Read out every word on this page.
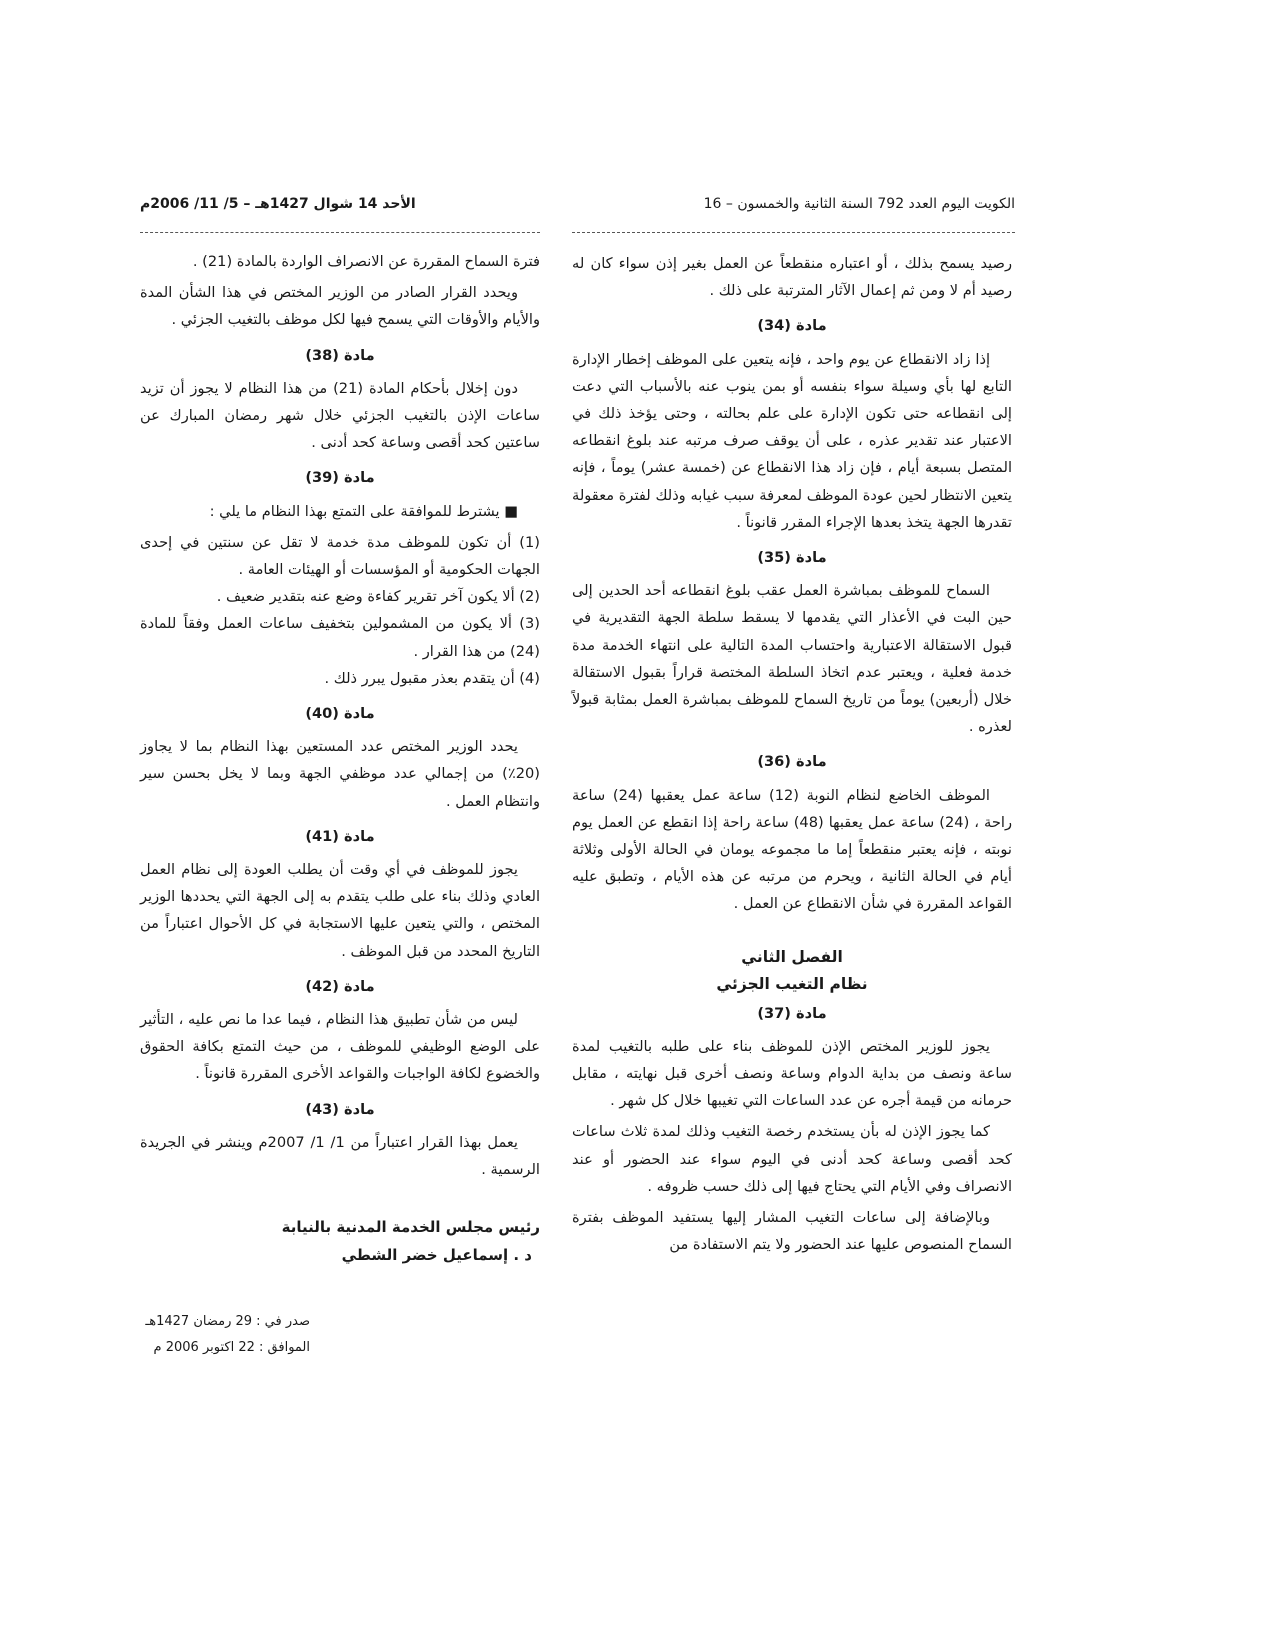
الكويت اليوم العدد 792 السنة الثانية والخمسون – 16
الأحد 14 شوال 1427هـ – 5/ 11/ 2006م

رصيد يسمح بذلك ، أو اعتباره منقطعاً عن العمل بغير إذن سواء كان له رصيد أم لا ومن ثم إعمال الآثار المترتبة على ذلك .

مادة (34)

إذا زاد الانقطاع عن يوم واحد ، فإنه يتعين على الموظف إخطار الإدارة التابع لها بأي وسيلة سواء بنفسه أو بمن ينوب عنه بالأسباب التي دعت إلى انقطاعه حتى تكون الإدارة على علم بحالته ، وحتى يؤخذ ذلك في الاعتبار عند تقدير عذره ، على أن يوقف صرف مرتبه عند بلوغ انقطاعه المتصل بسبعة أيام ، فإن زاد هذا الانقطاع عن (خمسة عشر) يوماً ، فإنه يتعين الانتظار لحين عودة الموظف لمعرفة سبب غيابه وذلك لفترة معقولة تقدرها الجهة يتخذ بعدها الإجراء المقرر قانوناً .

مادة (35)

السماح للموظف بمباشرة العمل عقب بلوغ انقطاعه أحد الحدين إلى حين البت في الأعذار التي يقدمها لا يسقط سلطة الجهة التقديرية في قبول الاستقالة الاعتبارية واحتساب المدة التالية على انتهاء الخدمة مدة خدمة فعلية ، ويعتبر عدم اتخاذ السلطة المختصة قراراً بقبول الاستقالة خلال (أربعين) يوماً من تاريخ السماح للموظف بمباشرة العمل بمثابة قبولاً لعذره .

مادة (36)

الموظف الخاضع لنظام النوبة (12) ساعة عمل يعقبها (24) ساعة راحة ، (24) ساعة عمل يعقبها (48) ساعة راحة إذا انقطع عن العمل يوم نوبته ، فإنه يعتبر منقطعاً إما ما مجموعه يومان في الحالة الأولى وثلاثة أيام في الحالة الثانية ، ويحرم من مرتبه عن هذه الأيام ، وتطبق عليه القواعد المقررة في شأن الانقطاع عن العمل .

الفصل الثاني
نظام التغيب الجزئي
مادة (37)

يجوز للوزير المختص الإذن للموظف بناء على طلبه بالتغيب لمدة ساعة ونصف من بداية الدوام وساعة ونصف أخرى قبل نهايته ، مقابل حرمانه من قيمة أجره عن عدد الساعات التي تغيبها خلال كل شهر .

كما يجوز الإذن له بأن يستخدم رخصة التغيب وذلك لمدة ثلاث ساعات كحد أقصى وساعة كحد أدنى في اليوم سواء عند الحضور أو عند الانصراف وفي الأيام التي يحتاج فيها إلى ذلك حسب ظروفه .

وبالإضافة إلى ساعات التغيب المشار إليها يستفيد الموظف بفترة السماح المنصوص عليها عند الحضور ولا يتم الاستفادة من

فترة السماح المقررة عن الانصراف الواردة بالمادة (21) .

ويحدد القرار الصادر من الوزير المختص في هذا الشأن المدة والأيام والأوقات التي يسمح فيها لكل موظف بالتغيب الجزئي .

مادة (38)

دون إخلال بأحكام المادة (21) من هذا النظام لا يجوز أن تزيد ساعات الإذن بالتغيب الجزئي خلال شهر رمضان المبارك عن ساعتين كحد أقصى وساعة كحد أدنى .

مادة (39)

■ يشترط للموافقة على التمتع بهذا النظام ما يلي :

(1) أن تكون للموظف مدة خدمة لا تقل عن سنتين في إحدى الجهات الحكومية أو المؤسسات أو الهيئات العامة .
(2) ألا يكون آخر تقرير كفاءة وضع عنه بتقدير ضعيف .
(3) ألا يكون من المشمولين بتخفيف ساعات العمل وفقاً للمادة (24) من هذا القرار .
(4) أن يتقدم بعذر مقبول يبرر ذلك .
مادة (40)

يحدد الوزير المختص عدد المستعين بهذا النظام بما لا يجاوز (20٪) من إجمالي عدد موظفي الجهة وبما لا يخل بحسن سير وانتظام العمل .

مادة (41)

يجوز للموظف في أي وقت أن يطلب العودة إلى نظام العمل العادي وذلك بناء على طلب يتقدم به إلى الجهة التي يحددها الوزير المختص ، والتي يتعين عليها الاستجابة في كل الأحوال اعتباراً من التاريخ المحدد من قبل الموظف .

مادة (42)

ليس من شأن تطبيق هذا النظام ، فيما عدا ما نص عليه ، التأثير على الوضع الوظيفي للموظف ، من حيث التمتع بكافة الحقوق والخضوع لكافة الواجبات والقواعد الأخرى المقررة قانوناً .

مادة (43)

يعمل بهذا القرار اعتباراً من 1/ 1/ 2007م وينشر في الجريدة الرسمية .

رئيس مجلس الخدمة المدنية بالنيابة
د . إسماعيل خضر الشطي
صدر في : 29 رمضان 1427هـ
الموافق : 22 اكتوبر 2006 م
